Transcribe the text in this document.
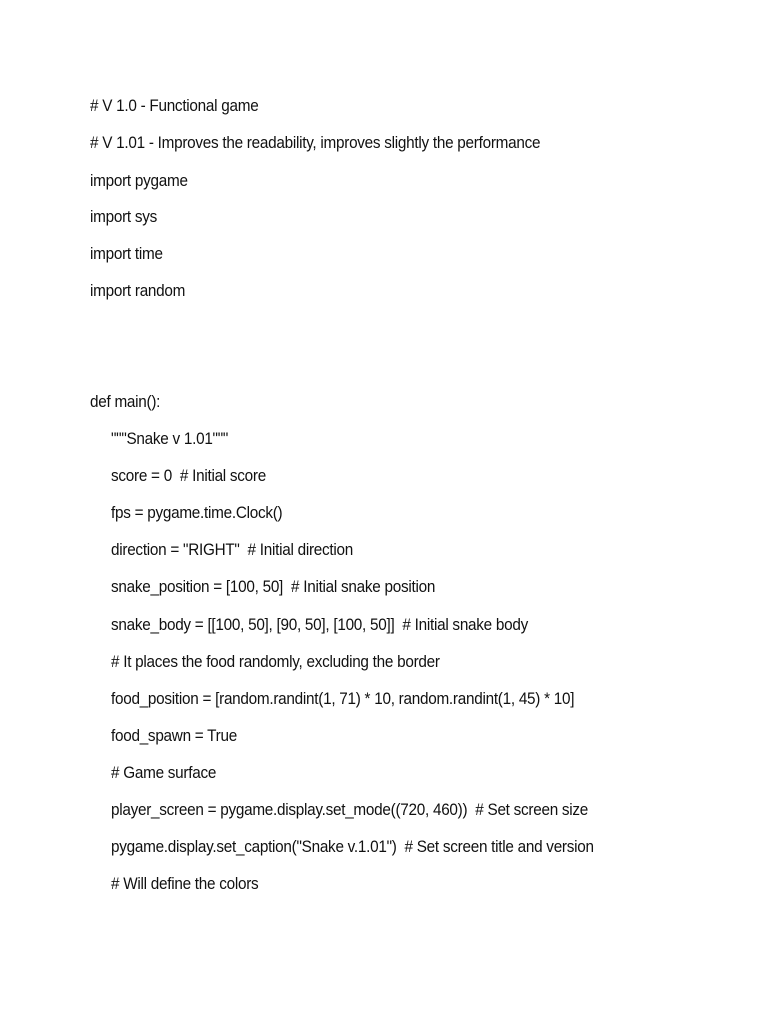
# V 1.0 - Functional game
# V 1.01 - Improves the readability, improves slightly the performance
import pygame
import sys
import time
import random
def main():
"""Snake v 1.01"""
score = 0  # Initial score
fps = pygame.time.Clock()
direction = "RIGHT"  # Initial direction
snake_position = [100, 50]  # Initial snake position
snake_body = [[100, 50], [90, 50], [100, 50]]  # Initial snake body
# It places the food randomly, excluding the border
food_position = [random.randint(1, 71) * 10, random.randint(1, 45) * 10]
food_spawn = True
# Game surface
player_screen = pygame.display.set_mode((720, 460))  # Set screen size
pygame.display.set_caption("Snake v.1.01")  # Set screen title and version
# Will define the colors
